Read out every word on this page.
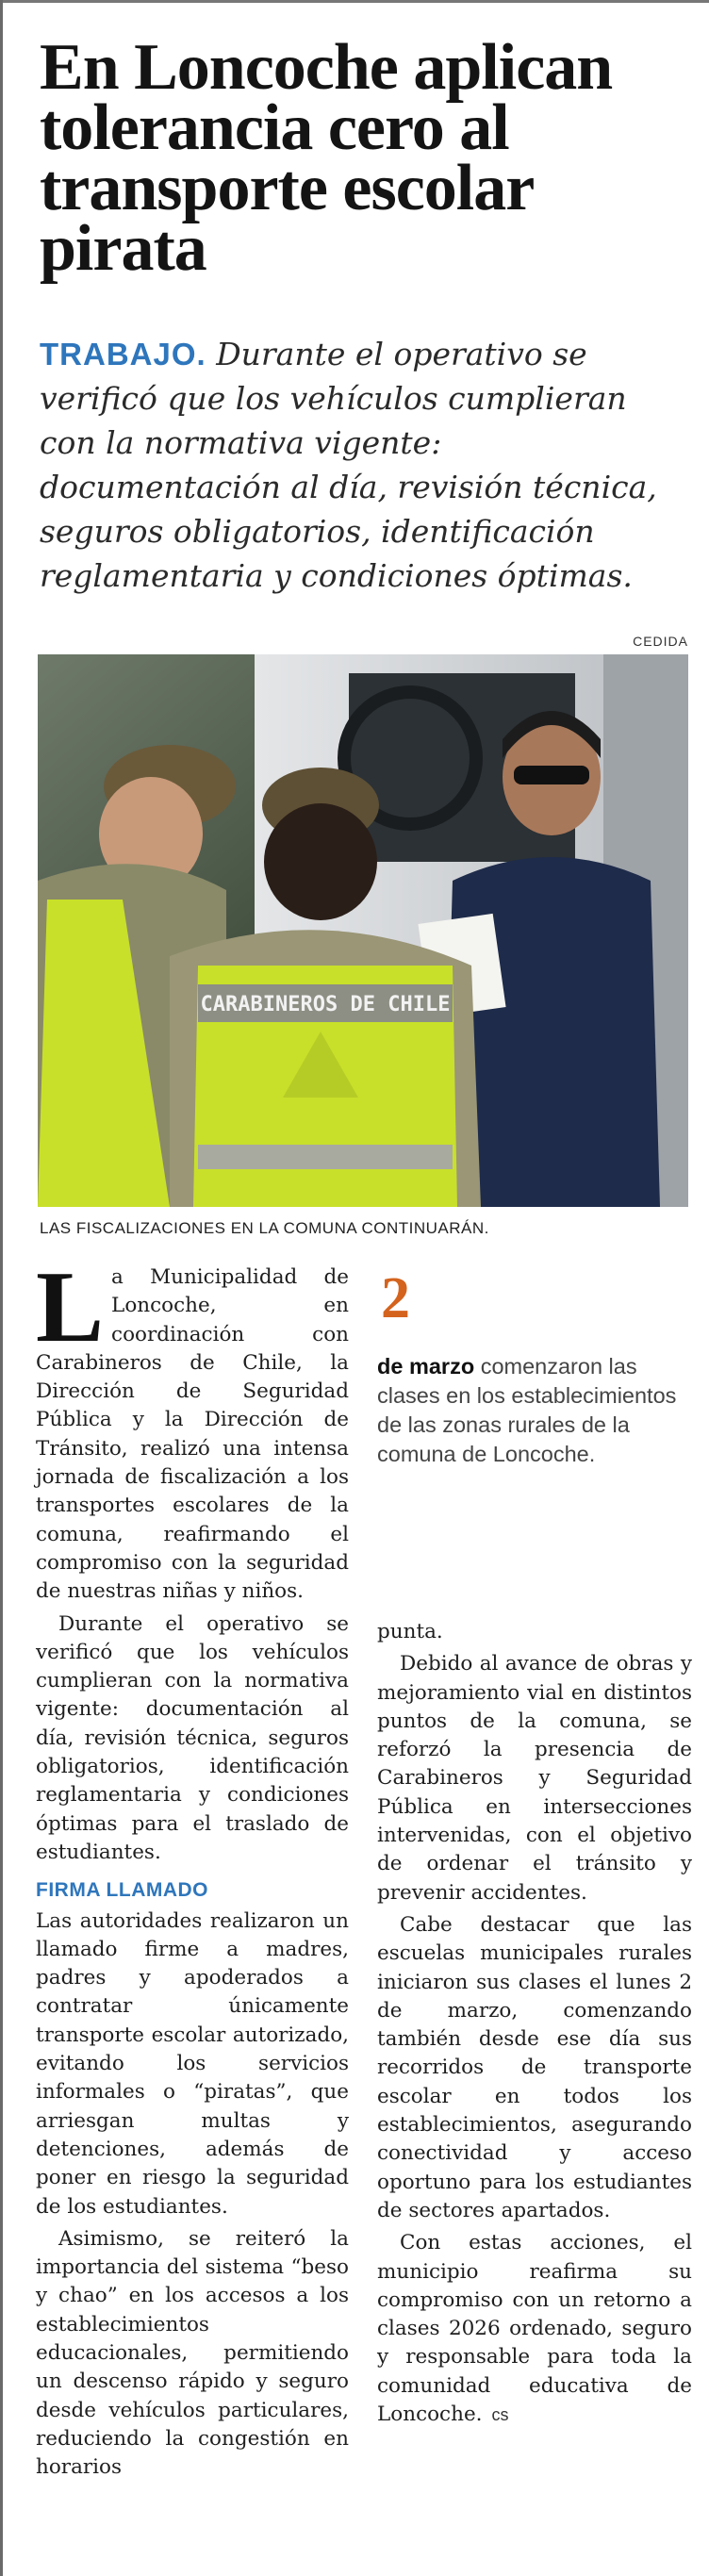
En Loncoche aplican tolerancia cero al transporte escolar pirata

TRABAJO. Durante el operativo se verificó que los vehículos cumplieran con la normativa vigente: documentación al día, revisión técnica, seguros obligatorios, identificación reglamentaria y condiciones óptimas.

CEDIDA
CARABINEROS DE CHILE
LAS FISCALIZACIONES EN LA COMUNA CONTINUARÁN.

La Municipalidad de Loncoche, en coordinación con Carabineros de Chile, la Dirección de Seguridad Pública y la Dirección de Tránsito, realizó una intensa jornada de fiscalización a los transportes escolares de la comuna, reafirmando el compromiso con la seguridad de nuestras niñas y niños.

Durante el operativo se verificó que los vehículos cumplieran con la normativa vigente: documentación al día, revisión técnica, seguros obligatorios, identificación reglamentaria y condiciones óptimas para el traslado de estudiantes.

FIRMA LLAMADO

Las autoridades realizaron un llamado firme a madres, padres y apoderados a contratar únicamente transporte escolar autorizado, evitando los servicios informales o “piratas”, que arriesgan multas y detenciones, además de poner en riesgo la seguridad de los estudiantes.

Asimismo, se reiteró la importancia del sistema “beso y chao” en los accesos a los establecimientos educacionales, permitiendo un descenso rápido y seguro desde vehículos particulares, reduciendo la congestión en horarios

2
de marzo comenzaron las clases en los establecimientos de las zonas rurales de la comuna de Loncoche.

punta.

Debido al avance de obras y mejoramiento vial en distintos puntos de la comuna, se reforzó la presencia de Carabineros y Seguridad Pública en intersecciones intervenidas, con el objetivo de ordenar el tránsito y prevenir accidentes.

Cabe destacar que las escuelas municipales rurales iniciaron sus clases el lunes 2 de marzo, comenzando también desde ese día sus recorridos de transporte escolar en todos los establecimientos, asegurando conectividad y acceso oportuno para los estudiantes de sectores apartados.

Con estas acciones, el municipio reafirma su compromiso con un retorno a clases 2026 ordenado, seguro y responsable para toda la comunidad educativa de Loncoche. cs
